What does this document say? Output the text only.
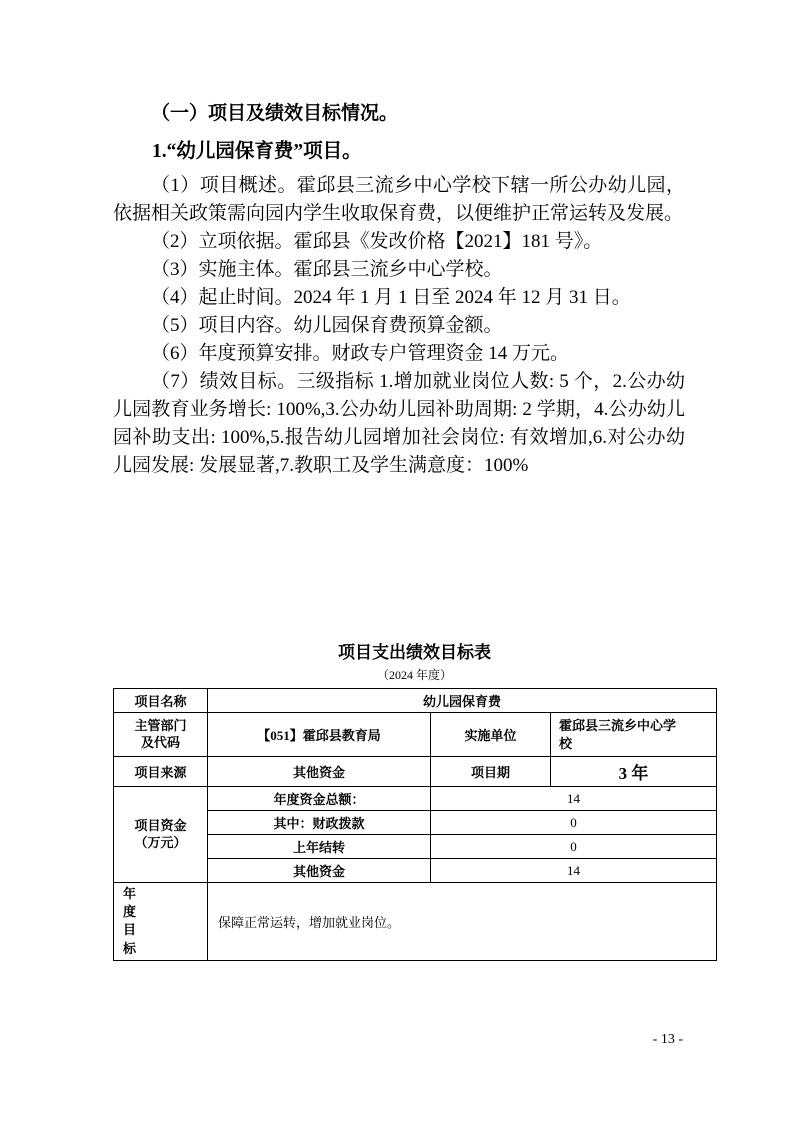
（一）项目及绩效目标情况。
1.“幼儿园保育费”项目。

（1）项目概述。霍邱县三流乡中心学校下辖一所公办幼儿园，依据相关政策需向园内学生收取保育费，以便维护正常运转及发展。

（2）立项依据。霍邱县《发改价格【2021】181 号》。

（3）实施主体。霍邱县三流乡中心学校。

（4）起止时间。2024 年 1 月 1 日至 2024 年 12 月 31 日。

（5）项目内容。幼儿园保育费预算金额。

（6）年度预算安排。财政专户管理资金 14 万元。

（7）绩效目标。三级指标 1.增加就业岗位人数: 5 个，2.公办幼儿园教育业务增长: 100%,3.公办幼儿园补助周期: 2 学期，4.公办幼儿园补助支出: 100%,5.报告幼儿园增加社会岗位: 有效增加,6.对公办幼儿园发展: 发展显著,7.教职工及学生满意度：100%

项目支出绩效目标表
（2024 年度）
项目名称	幼儿园保育费		

主管部门及代码	【051】霍邱县教育局	实施单位	霍邱县三流乡中心学校

项目来源	其他资金	项目期	3 年

项目资金（万元）	年度资金总额：	14	
	其中：财政拨款	0	
	上年结转	0	
	其他资金	14	

年度目标	保障正常运转，增加就业岗位。		
- 13 -
